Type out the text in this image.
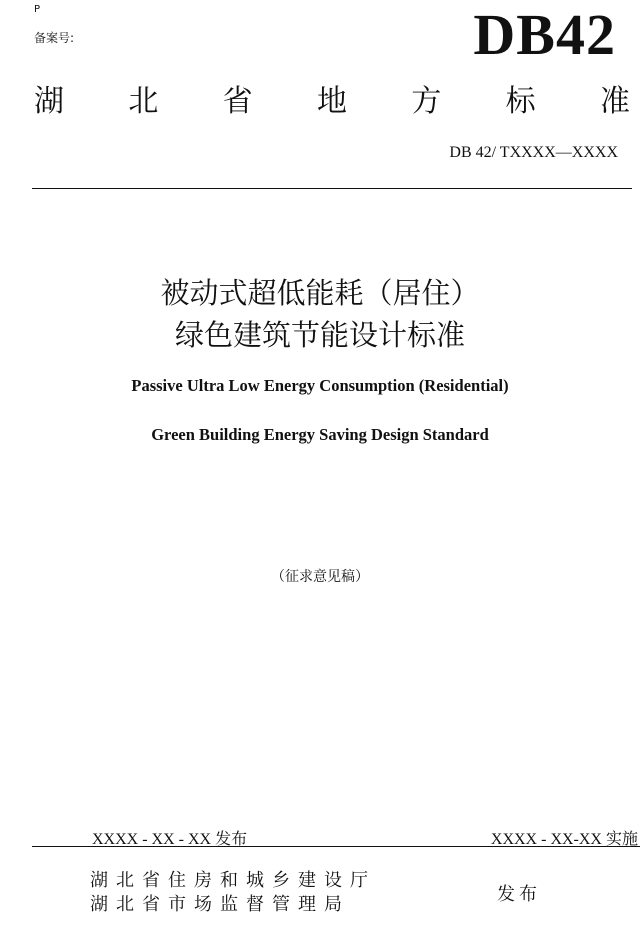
P
备案号:	DB42
湖 北 省 地 方 标 准
DB 42/ TXXXX—XXXX
被动式超低能耗（居住）
绿色建筑节能设计标准
Passive Ultra Low Energy Consumption (Residential)
Green Building Energy Saving Design Standard
（征求意见稿）
XXXX - XX - XX 发布	XXXX - XX-XX 实施
湖北省住房和城乡建设厅
湖北省市场监督管理局	发布
